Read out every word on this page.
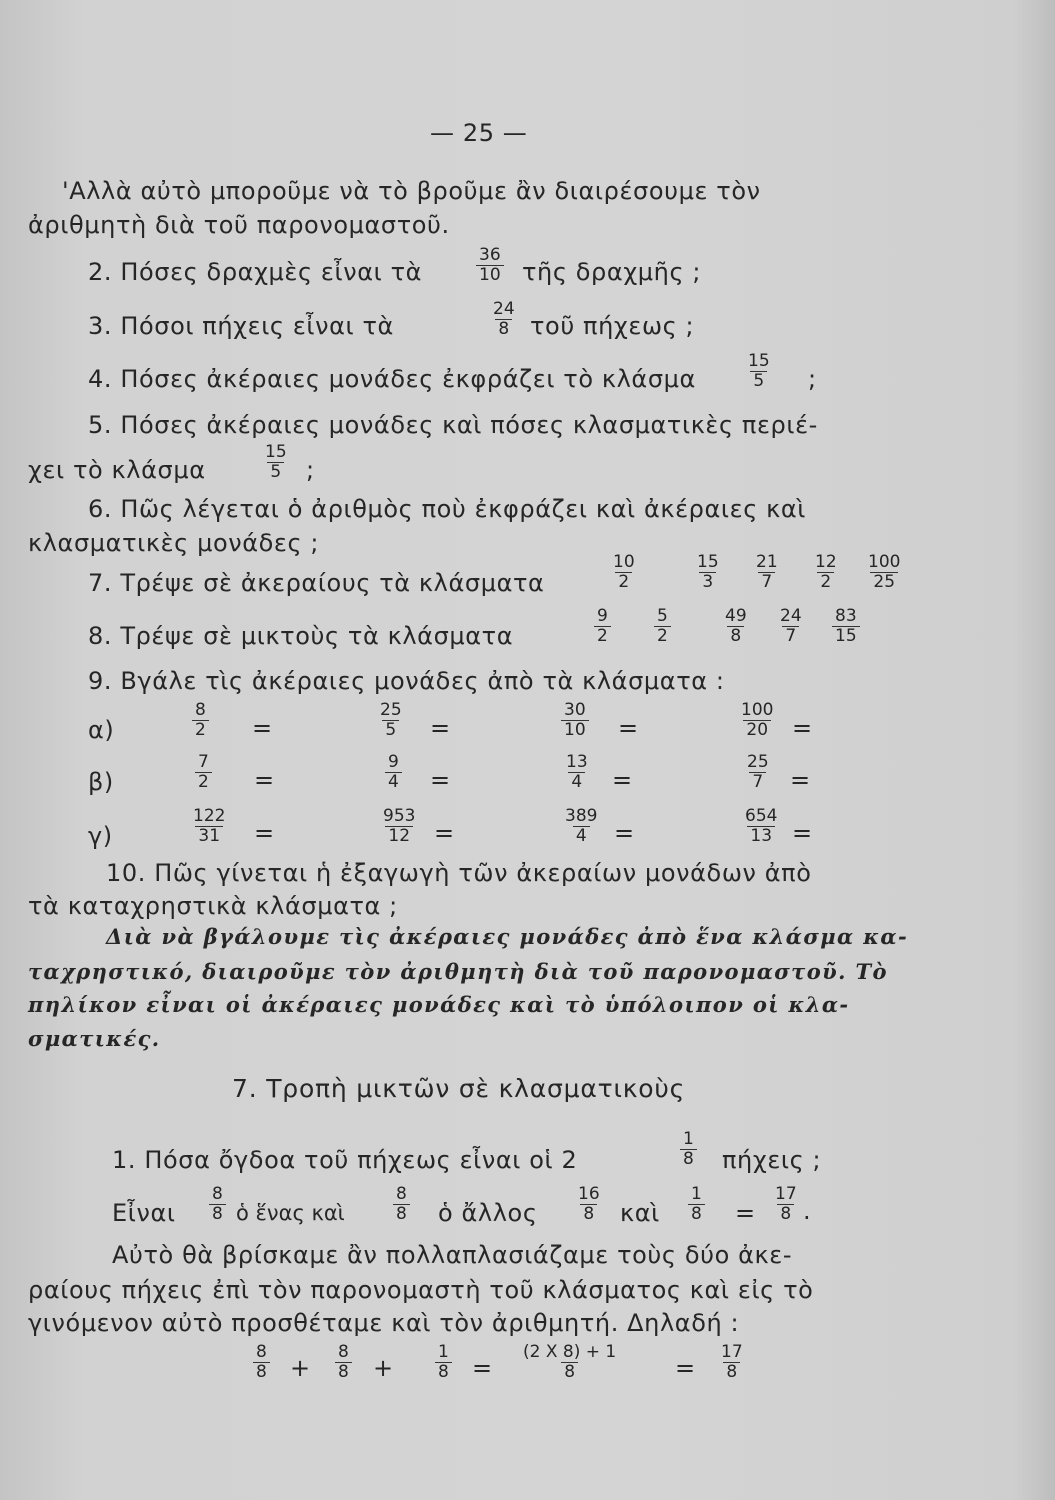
— 25 —
'Αλλὰ αὐτὸ μποροῦμε νὰ τὸ βροῦμε ἂν διαιρέσουμε τὸν
ἀριθμητὴ διὰ τοῦ παρονομαστοῦ.
2. Πόσες δραχμὲς εἶναι τὰ	$\frac{36}{10}$ τῆς δραχμῆς ;
3. Πόσοι πήχεις εἶναι τὰ	$\frac{24}{8}$ τοῦ πήχεως ;
4. Πόσες ἀκέραιες μονάδες ἐκφράζει τὸ κλάσμα	$\frac{15}{5}$ ;
5. Πόσες ἀκέραιες μονάδες καὶ πόσες κλασματικὲς περιέ-
χει τὸ κλάσμα	$\frac{15}{5}$ ;
6. Πῶς λέγεται ὁ ἀριθμὸς ποὺ ἐκφράζει καὶ ἀκέραιες καὶ
κλασματικὲς μονάδες ;
7. Τρέψε σὲ ἀκεραίους τὰ κλάσματα	$\frac{10}{2}$	$\frac{15}{3} \frac{21}{7} \frac{12}{2} \frac{100}{25}$
8. Τρέψε σὲ μικτοὺς τὰ κλάσματα	$\frac{9}{2}$	$\frac{5}{2}$	$\frac{49}{8} \frac{24}{7} \frac{83}{15}$
9. Βγάλε τὶς ἀκέραιες μονάδες ἀπὸ τὰ κλάσματα :
α)	$\frac{8}{2}$ =	$\frac{25}{5}$ =	$\frac{30}{10}$ =	$\frac{100}{20}$ =
β)	$\frac{7}{2}$ =	$\frac{9}{4}$ =	$\frac{13}{4}$ =	$\frac{25}{7}$ =
γ)	$\frac{122}{31}$ =	$\frac{953}{12}$ =	$\frac{389}{4}$ =	$\frac{654}{13}$ =
10. Πῶς γίνεται ἡ ἐξαγωγὴ τῶν ἀκεραίων μονάδων ἀπὸ
τὰ καταχρηστικὰ κλάσματα ;
Διὰ νὰ βγάλουμε τὶς ἀκέραιες μονάδες ἀπὸ ἕνα κλάσμα κα-
ταχρηστικό, διαιροῦμε τὸν ἀριθμητὴ διὰ τοῦ παρονομαστοῦ. Τὸ
πηλίκον εἶναι οἱ ἀκέραιες μονάδες καὶ τὸ ὑπόλοιπον οἱ κλα-
σματικές.
7. Τροπὴ μικτῶν σὲ κλασματικοὺς
1. Πόσα ὄγδοα τοῦ πήχεως εἶναι οἱ 2	$\frac{1}{8}$ πήχεις ;
Εἶναι $\frac{8}{8}$ ὁ ἕνας καὶ	$\frac{8}{8}$ ὁ ἄλλος $\frac{16}{8}$ καὶ $\frac{1}{8} = \frac{17}{8}$ .
Αὐτὸ θὰ βρίσκαμε ἂν πολλαπλασιάζαμε τοὺς δύο ἀκε-
ραίους πήχεις ἐπὶ τὸν παρονομαστὴ τοῦ κλάσματος καὶ εἰς τὸ
γινόμενον αὐτὸ προσθέταμε καὶ τὸν ἀριθμητή. Δηλαδή :
$\frac{8}{8} + \frac{8}{8} + \frac{1}{8} = \frac{(2 X 8) + 1}{8} = \frac{17}{8}$
